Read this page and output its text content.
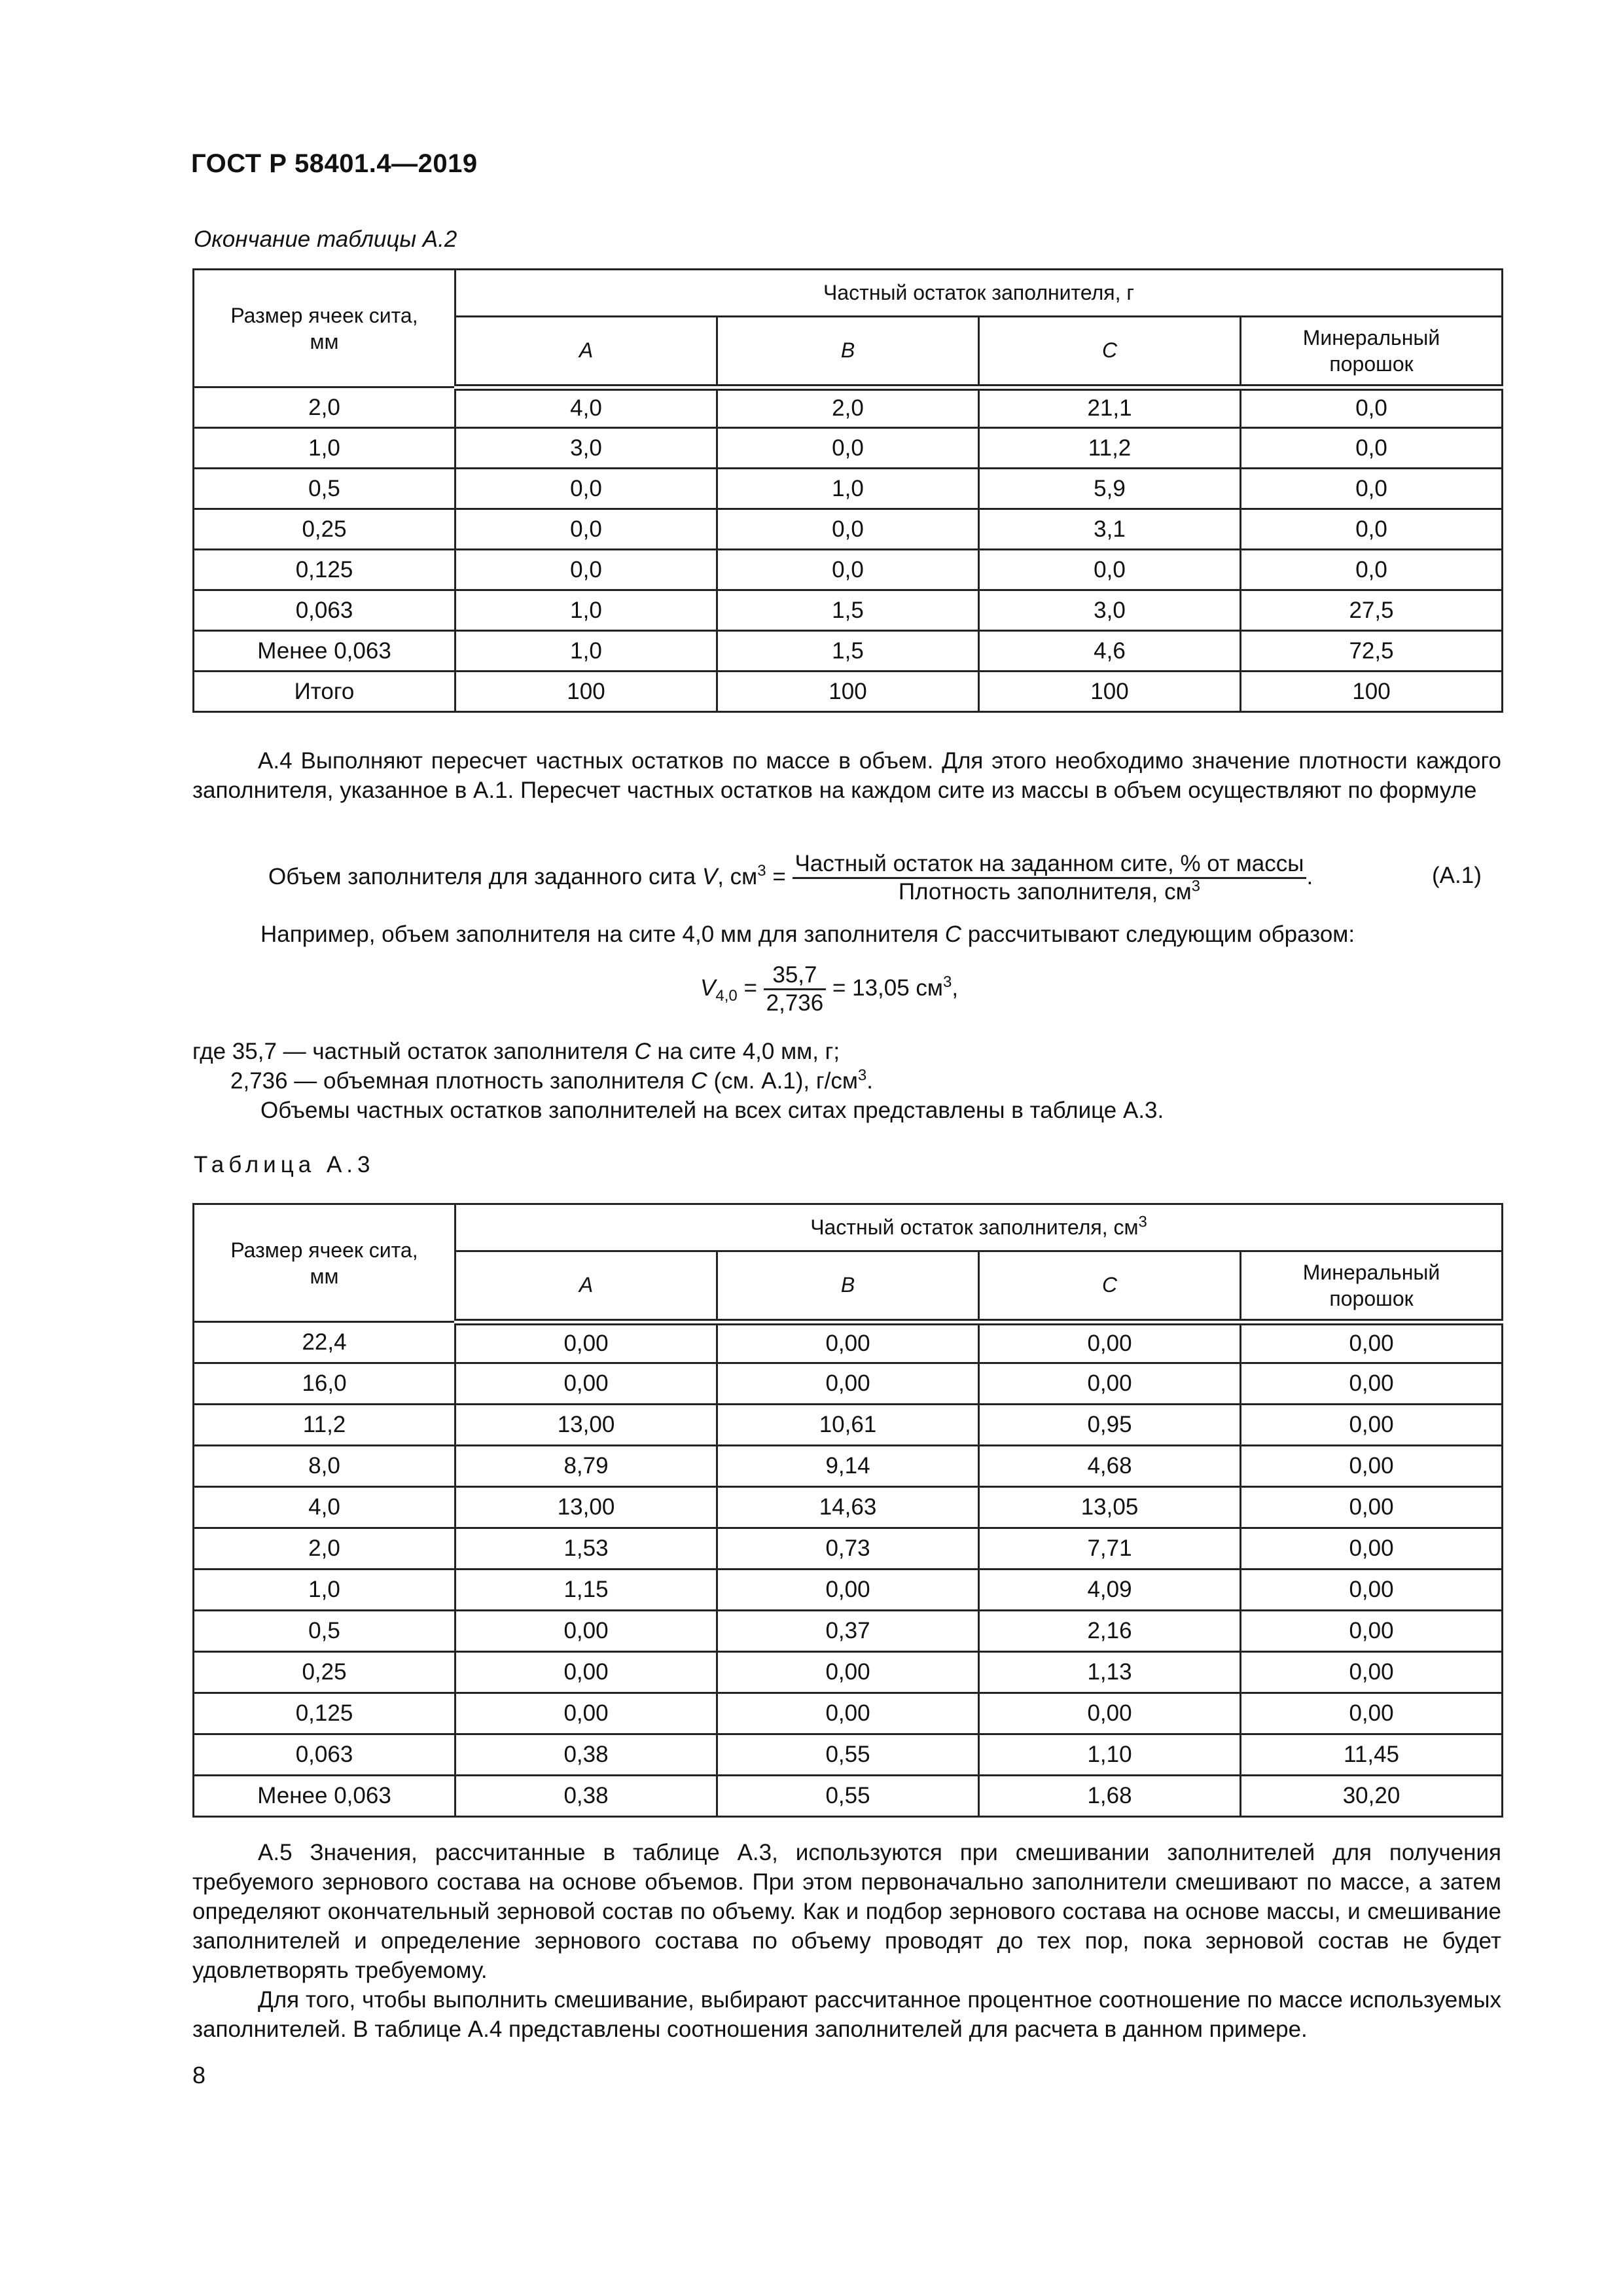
ГОСТ Р 58401.4—2019
Окончание таблицы А.2
Размер ячеек сита, мм	Частный остаток заполнителя, г			
	A	B	C	Минеральный порошок
2,0	4,0	2,0	21,1	0,0
1,0	3,0	0,0	11,2	0,0
0,5	0,0	1,0	5,9	0,0
0,25	0,0	0,0	3,1	0,0
0,125	0,0	0,0	0,0	0,0
0,063	1,0	1,5	3,0	27,5
Менее 0,063	1,0	1,5	4,6	72,5
Итого	100	100	100	100

А.4 Выполняют пересчет частных остатков по массе в объем. Для этого необходимо значение плотности каждого заполнителя, указанное в А.1. Пересчет частных остатков на каждом сите из массы в объем осуществляют по формуле

Объем заполнителя для заданного сита V, $см^3 = \frac{\text{Частный остаток на заданном сите, \% от массы}}{Плотность заполнителя, см^3}$ .	(А.1)
Например, объем заполнителя на сите 4,0 мм для заполнителя C рассчитывают следующим образом:
$V_{4,0} = \frac{35,7}{2,736} = 13,05$ $см^3$,
где 35,7 — частный остаток заполнителя C на сите 4,0 мм, г;
2,736 — объемная плотность заполнителя C (см. А.1), $г/см^3$.
Объемы частных остатков заполнителей на всех ситах представлены в таблице А.3.
Таблица А.3
Размер ячеек сита, мм	Частный остаток заполнителя, $см^3$
	A	B	C	Минеральный порошок
22,4	0,00	0,00	0,00	0,00
16,0	0,00	0,00	0,00	0,00
11,2	13,00	10,61	0,95	0,00
8,0	8,79	9,14	4,68	0,00
4,0	13,00	14,63	13,05	0,00
2,0	1,53	0,73	7,71	0,00
1,0	1,15	0,00	4,09	0,00
0,5	0,00	0,37	2,16	0,00
0,25	0,00	0,00	1,13	0,00
0,125	0,00	0,00	0,00	0,00
0,063	0,38	0,55	1,10	11,45
Менее 0,063	0,38	0,55	1,68	30,20

А.5 Значения, рассчитанные в таблице А.3, используются при смешивании заполнителей для получения требуемого зернового состава на основе объемов. При этом первоначально заполнители смешивают по массе, а затем определяют окончательный зерновой состав по объему. Как и подбор зернового состава на основе массы, и смешивание заполнителей и определение зернового состава по объему проводят до тех пор, пока зерновой состав не будет удовлетворять требуемому.

Для того, чтобы выполнить смешивание, выбирают рассчитанное процентное соотношение по массе используемых заполнителей. В таблице А.4 представлены соотношения заполнителей для расчета в данном примере.

8
